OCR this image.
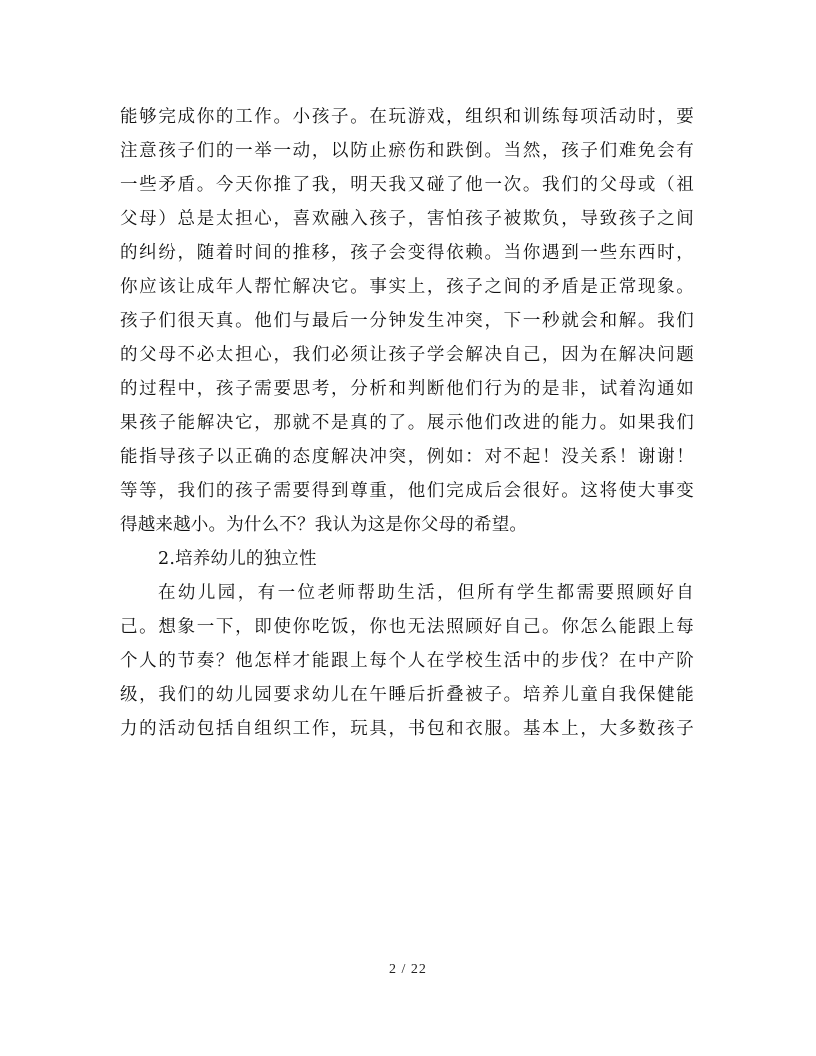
能够完成你的工作。小孩子。在玩游戏，组织和训练每项活动时，要
注意孩子们的一举一动，以防止瘀伤和跌倒。当然，孩子们难免会有
一些矛盾。今天你推了我，明天我又碰了他一次。我们的父母或（祖
父母）总是太担心，喜欢融入孩子，害怕孩子被欺负，导致孩子之间
的纠纷，随着时间的推移，孩子会变得依赖。当你遇到一些东西时，
你应该让成年人帮忙解决它。事实上，孩子之间的矛盾是正常现象。
孩子们很天真。他们与最后一分钟发生冲突，下一秒就会和解。我们
的父母不必太担心，我们必须让孩子学会解决自己，因为在解决问题
的过程中，孩子需要思考，分析和判断他们行为的是非，试着沟通如
果孩子能解决它，那就不是真的了。展示他们改进的能力。如果我们
能指导孩子以正确的态度解决冲突，例如：对不起！没关系！谢谢！
等等，我们的孩子需要得到尊重，他们完成后会很好。这将使大事变
得越来越小。为什么不？我认为这是你父母的希望。
2.培养幼儿的独立性
在幼儿园，有一位老师帮助生活，但所有学生都需要照顾好自
己。想象一下，即使你吃饭，你也无法照顾好自己。你怎么能跟上每
个人的节奏？他怎样才能跟上每个人在学校生活中的步伐？在中产阶
级，我们的幼儿园要求幼儿在午睡后折叠被子。培养儿童自我保健能
力的活动包括自组织工作，玩具，书包和衣服。基本上，大多数孩子
2 / 22
